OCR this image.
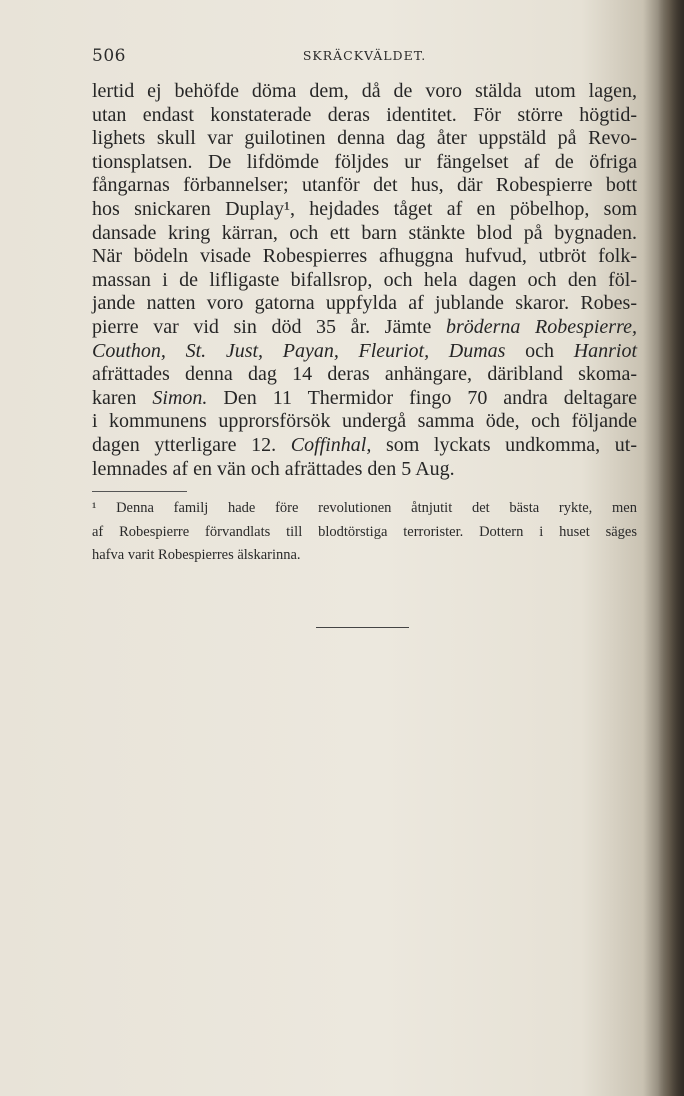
506	SKRÄCKVÄLDET.
lertid ej behöfde döma dem, då de voro stälda utom lagen,
utan endast konstaterade deras identitet. För större högtid-
lighets skull var guilotinen denna dag åter uppstäld på Revo-
tionsplatsen. De lifdömde följdes ur fängelset af de öfriga
fångarnas förbannelser; utanför det hus, där Robespierre bott
hos snickaren Duplay¹, hejdades tåget af en pöbelhop, som
dansade kring kärran, och ett barn stänkte blod på bygnaden.
När bödeln visade Robespierres afhuggna hufvud, utbröt folk-
massan i de lifligaste bifallsrop, och hela dagen och den föl-
jande natten voro gatorna uppfylda af jublande skaror. Robes-
pierre var vid sin död 35 år. Jämte bröderna Robespierre,
Couthon, St. Just, Payan, Fleuriot, Dumas och Hanriot
afrättades denna dag 14 deras anhängare, däribland skoma-
karen Simon. Den 11 Thermidor fingo 70 andra deltagare
i kommunens upprorsförsök undergå samma öde, och följande
dagen ytterligare 12. Coffinhal, som lyckats undkomma, ut-
lemnades af en vän och afrättades den 5 Aug.
¹ Denna familj hade före revolutionen åtnjutit det bästa rykte, men
af Robespierre förvandlats till blodtörstiga terrorister. Dottern i huset säges
hafva varit Robespierres älskarinna.
